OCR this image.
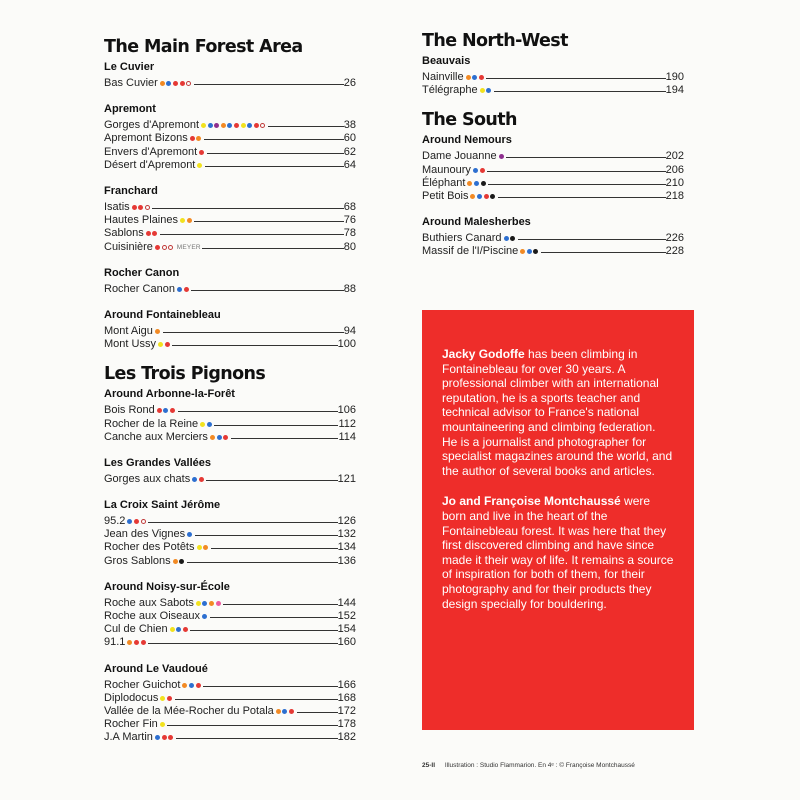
The Main Forest Area
Le Cuvier
Bas Cuvier	26
Apremont
Gorges d'Apremont	38
Apremont Bizons	60
Envers d'Apremont	62
Désert d'Apremont	64
Franchard
Isatis	68
Hautes Plaines	76
Sablons	78
Cuisinière	MEYER	80
Rocher Canon
Rocher Canon	88
Around Fontainebleau
Mont Aigu	94
Mont Ussy	100
Les Trois Pignons
Around Arbonne-la-Forêt
Bois Rond	106
Rocher de la Reine	112
Canche aux Merciers	114
Les Grandes Vallées
Gorges aux chats	121
La Croix Saint Jérôme
95.2	126
Jean des Vignes	132
Rocher des Potêts	134
Gros Sablons	136
Around Noisy-sur-École
Roche aux Sabots	144
Roche aux Oiseaux	152
Cul de Chien	154
91.1	160
Around Le Vaudoué
Rocher Guichot	166
Diplodocus	168
Vallée de la Mée-Rocher du Potala	172
Rocher Fin	178
J.A Martin	182
The North-West
Beauvais
Nainville	190
Télégraphe	194
The South
Around Nemours
Dame Jouanne	202
Maunoury	206
Éléphant	210
Petit Bois	218
Around Malesherbes
Buthiers Canard	226
Massif de l'I/Piscine	228

Jacky Godoffe has been climbing in Fontainebleau for over 30 years. A professional climber with an international reputation, he is a sports teacher and technical advisor to France's national mountaineering and climbing federation. He is a journalist and photographer for specialist magazines around the world, and the author of several books and articles.

Jo and Françoise Montchaussé were born and live in the heart of the Fontainebleau forest. It was here that they first discovered climbing and have since made it their way of life. It remains a source of inspiration for both of them, for their photography and for their products they design specially for bouldering.

25-II Illustration : Studio Flammarion. En 4ᵉ : © Françoise Montchaussé
